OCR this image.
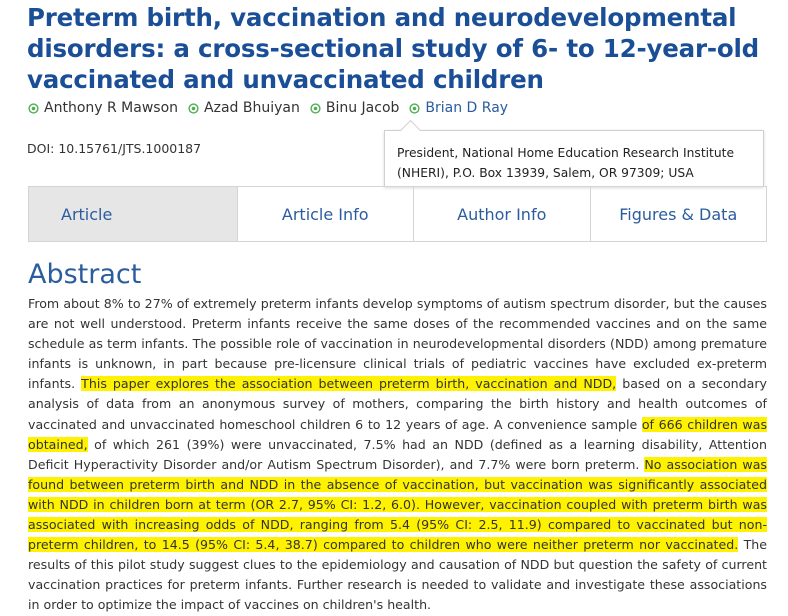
Preterm birth, vaccination and neurodevelopmental disorders: a cross-sectional study of 6- to 12-year-old vaccinated and unvaccinated children
Anthony R Mawson Azad Bhuiyan Binu Jacob Brian D Ray
DOI: 10.15761/JTS.1000187	President, National Home Education Research Institute (NHERI), P.O. Box 13939, Salem, OR 97309; USA
Article	Article Info	Author Info	Figures & Data
Abstract

From about 8% to 27% of extremely preterm infants develop symptoms of autism spectrum disorder, but the causes are not well understood. Preterm infants receive the same doses of the recommended vaccines and on the same schedule as term infants. The possible role of vaccination in neurodevelopmental disorders (NDD) among premature infants is unknown, in part because pre-licensure clinical trials of pediatric vaccines have excluded ex-preterm infants. This paper explores the association between preterm birth, vaccination and NDD, based on a secondary analysis of data from an anonymous survey of mothers, comparing the birth history and health outcomes of vaccinated and unvaccinated homeschool children 6 to 12 years of age. A convenience sample of 666 children was obtained, of which 261 (39%) were unvaccinated, 7.5% had an NDD (defined as a learning disability, Attention Deficit Hyperactivity Disorder and/or Autism Spectrum Disorder), and 7.7% were born preterm. No association was found between preterm birth and NDD in the absence of vaccination, but vaccination was significantly associated with NDD in children born at term (OR 2.7, 95% CI: 1.2, 6.0). However, vaccination coupled with preterm birth was associated with increasing odds of NDD, ranging from 5.4 (95% CI: 2.5, 11.9) compared to vaccinated but non-preterm children, to 14.5 (95% CI: 5.4, 38.7) compared to children who were neither preterm nor vaccinated. The results of this pilot study suggest clues to the epidemiology and causation of NDD but question the safety of current vaccination practices for preterm infants. Further research is needed to validate and investigate these associations in order to optimize the impact of vaccines on children's health.
